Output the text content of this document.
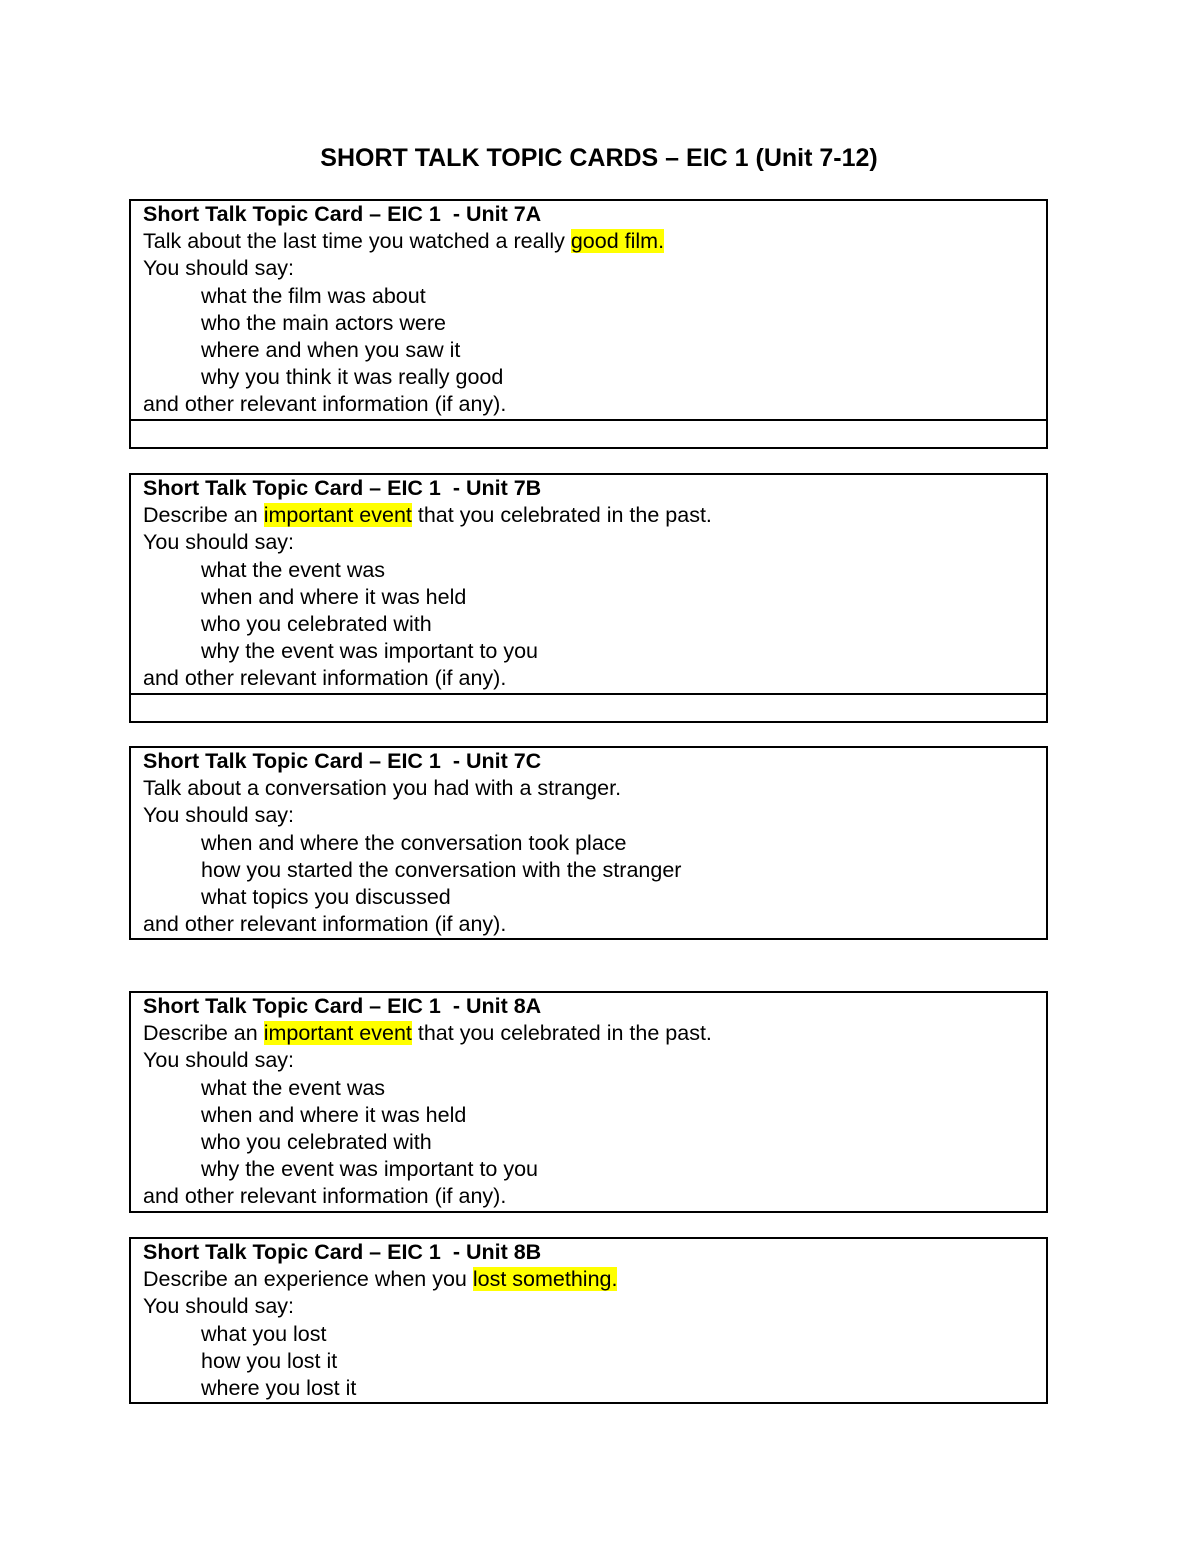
SHORT TALK TOPIC CARDS – EIC 1 (Unit 7-12)
Short Talk Topic Card – EIC 1  - Unit 7A
Talk about the last time you watched a really good film.
You should say:
what the film was about
who the main actors were
where and when you saw it
why you think it was really good
and other relevant information (if any).
Short Talk Topic Card – EIC 1  - Unit 7B
Describe an important event that you celebrated in the past.
You should say:
what the event was
when and where it was held
who you celebrated with
why the event was important to you
and other relevant information (if any).
Short Talk Topic Card – EIC 1  - Unit 7C
Talk about a conversation you had with a stranger.
You should say:
when and where the conversation took place
how you started the conversation with the stranger
what topics you discussed
and other relevant information (if any).
Short Talk Topic Card – EIC 1  - Unit 8A
Describe an important event that you celebrated in the past.
You should say:
what the event was
when and where it was held
who you celebrated with
why the event was important to you
and other relevant information (if any).
Short Talk Topic Card – EIC 1  - Unit 8B
Describe an experience when you lost something.
You should say:
what you lost
how you lost it
where you lost it
